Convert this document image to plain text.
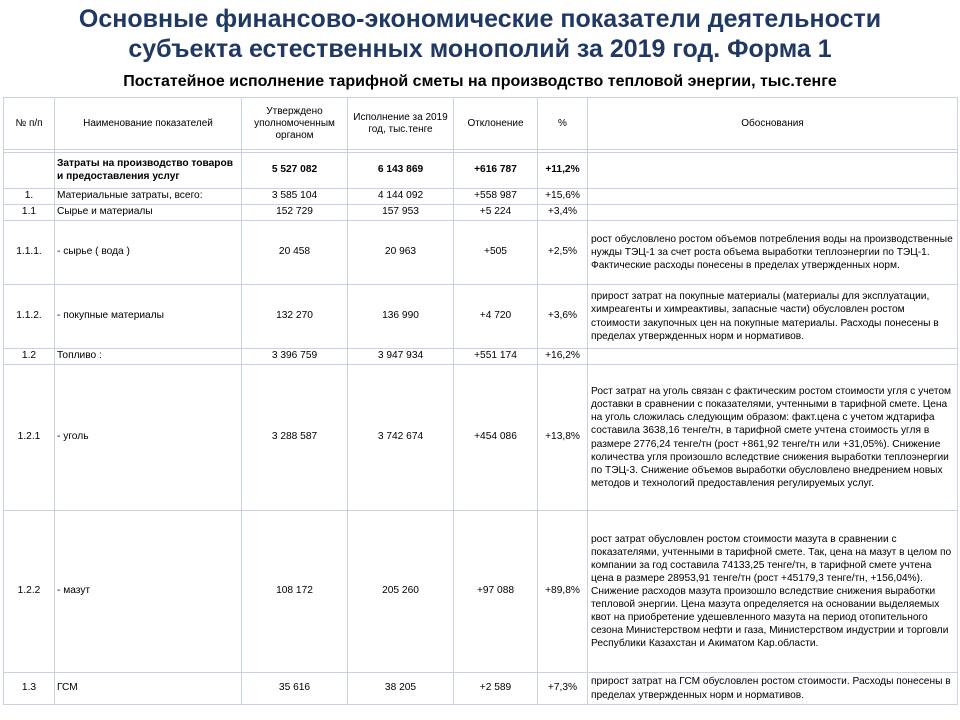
Основные финансово-экономические показатели деятельности
субъекта естественных монополий за 2019 год. Форма 1
Постатейное исполнение тарифной сметы на производство тепловой энергии, тыс.тенге
№ п/п	Наименование показателей	Утверждено уполномоченным органом	Исполнение за 2019 год, тыс.тенге	Отклонение	%	Обоснования

	Затраты на производство товаров и предоставления услуг	5 527 082	6 143 869	+616 787	+11,2%	
1.	Материальные затраты, всего:	3 585 104	4 144 092	+558 987	+15,6%	
1.1	Сырье и материалы	152 729	157 953	+5 224	+3,4%	
1.1.1.	- сырье ( вода )	20 458	20 963	+505	+2,5%	рост обусловлено ростом объемов потребления воды на производственные нужды ТЭЦ-1 за счет роста объема выработки теплоэнергии по ТЭЦ-1. Фактические расходы понесены в пределах утвержденных норм.
1.1.2.	- покупные материалы	132 270	136 990	+4 720	+3,6%	прирост затрат на покупные материалы (материалы для эксплуатации, химреагенты и химреактивы, запасные части) обусловлен ростом стоимости закупочных цен на покупные материалы. Расходы понесены в пределах утвержденных норм и нормативов.
1.2	Топливо :	3 396 759	3 947 934	+551 174	+16,2%	
1.2.1	- уголь	3 288 587	3 742 674	+454 086	+13,8%	Рост затрат на уголь связан с фактическим ростом стоимости угля с учетом доставки в сравнении с показателями, учтенными в тарифной смете. Цена на уголь сложилась следующим образом: факт.цена с учетом ждтарифа составила 3638,16 тенге/тн, в тарифной смете учтена стоимость угля в размере 2776,24 тенге/тн (рост +861,92 тенге/тн или +31,05%). Снижение количества угля произошло вследствие снижения выработки теплоэнергии по ТЭЦ-3. Снижение объемов выработки обусловлено внедрением новых методов и технологий предоставления регулируемых услуг.
1.2.2	- мазут	108 172	205 260	+97 088	+89,8%	рост затрат обусловлен ростом стоимости мазута в сравнении с показателями, учтенными в тарифной смете. Так, цена на мазут в целом по компании за год составила 74133,25 тенге/тн, в тарифной смете учтена цена в размере 28953,91 тенге/тн (рост +45179,3 тенге/тн, +156,04%). Снижение расходов мазута произошло вследствие снижения выработки тепловой энергии. Цена мазута определяется на основании выделяемых квот на приобретение удешевленного мазута на период отопительного сезона Министерством нефти и газа, Министерством индустрии и торговли Республики Казахстан и Акиматом Кар.области.
1.3	ГСМ	35 616	38 205	+2 589	+7,3%	прирост затрат на ГСМ обусловлен ростом стоимости. Расходы понесены в пределах утвержденных норм и нормативов.
